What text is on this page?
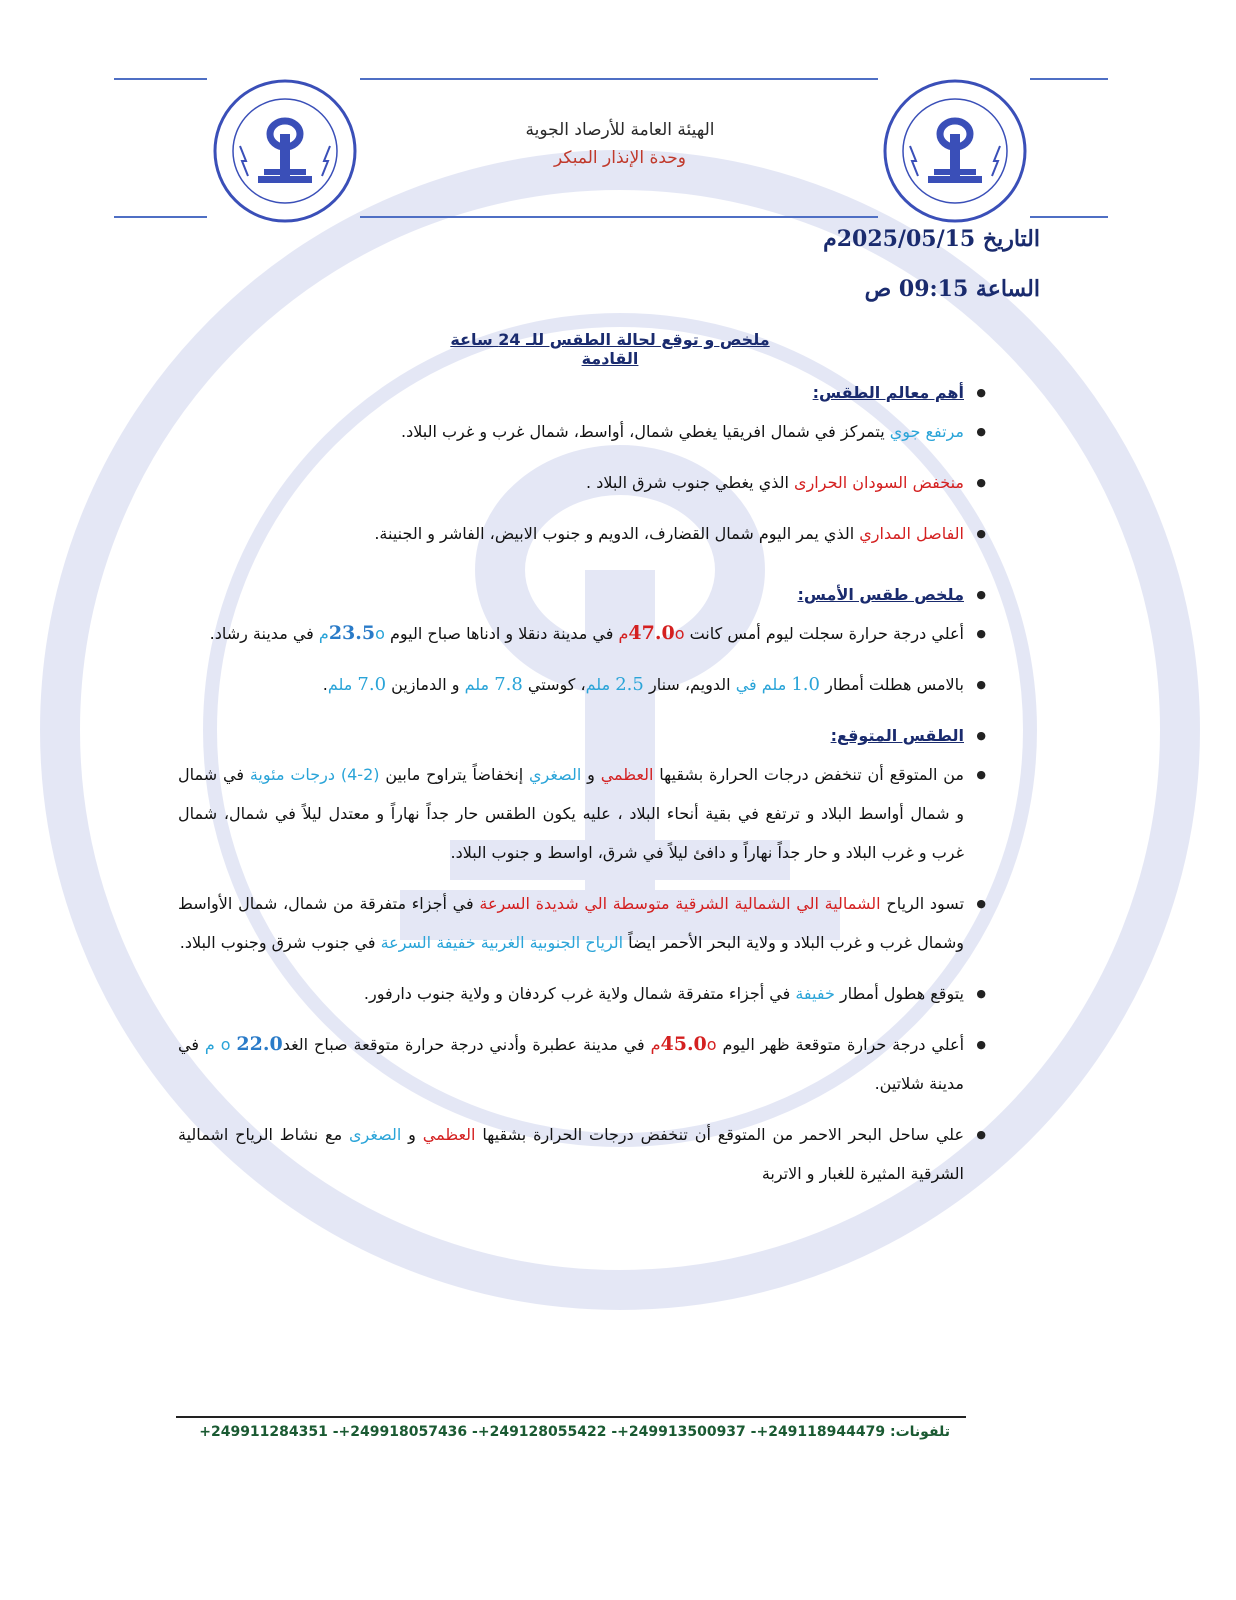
الهيئة العامة للأرصاد الجوية
وحدة الإنذار المبكر
التاريخ 2025/05/15م
الساعة 09:15 ص
ملخص و توقع لحالة الطقس للـ 24 ساعة القادمة
● أهم معالم الطقس:
● مرتفع جوي يتمركز في شمال افريقيا يغطي شمال، أواسط، شمال غرب و غرب البلاد.
● منخفض السودان الحرارى الذي يغطي جنوب شرق البلاد .
● الفاصل المداري الذي يمر اليوم شمال القضارف، الدويم و جنوب الابيض، الفاشر و الجنينة.
● ملخص طقس الأمس:
● أعلي درجة حرارة سجلت ليوم أمس كانت 47.0oم في مدينة دنقلا و ادناها صباح اليوم 23.5oم في مدينة رشاد.
● بالامس هطلت أمطار 1.0 ملم في الدويم، سنار 2.5 ملم، كوستي 7.8 ملم و الدمازين 7.0 ملم.
● الطقس المتوقع:
● من المتوقع أن تنخفض درجات الحرارة بشقيها العظمي و الصغري إنخفاضاً يتراوح مابين (2-4) درجات مئوية في شمال و شمال أواسط البلاد و ترتفع في بقية أنحاء البلاد ، عليه يكون الطقس حار جداً نهاراً و معتدل ليلاً في شمال، شمال غرب و غرب البلاد و حار جداً نهاراً و دافئ ليلاً في شرق، اواسط و جنوب البلاد.
● تسود الرياح الشمالية الي الشمالية الشرقية متوسطة الي شديدة السرعة في أجزاء متفرقة من شمال، شمال الأواسط وشمال غرب و غرب البلاد و ولاية البحر الأحمر ايضاً الرياح الجنوبية الغربية خفيفة السرعة في جنوب شرق وجنوب البلاد.
● يتوقع هطول أمطار خفيفة في أجزاء متفرقة شمال ولاية غرب كردفان و ولاية جنوب دارفور.
● أعلي درجة حرارة متوقعة ظهر اليوم 45.0oم في مدينة عطبرة وأدني درجة حرارة متوقعة صباح الغد22.0 o م في مدينة شلاتين.
● علي ساحل البحر الاحمر من المتوقع أن تنخفض درجات الحرارة بشقيها العظمي و الصغرى مع نشاط الرياح اشمالية الشرقية المثيرة للغبار و الاتربة
تلفونات: +249911284351 -+249918057436 -+249128055422 -+249913500937 -+249118944479
